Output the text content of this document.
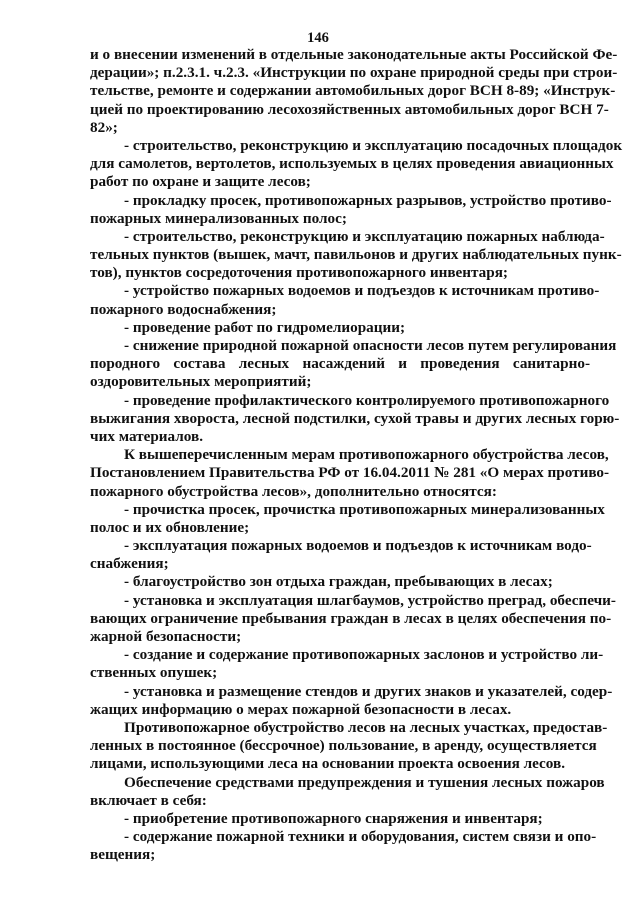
146
и о внесении изменений в отдельные законодательные акты Российской Фе-
дерации»; п.2.3.1. ч.2.3. «Инструкции по охране природной среды при строи-
тельстве, ремонте и содержании автомобильных дорог ВСН 8-89; «Инструк-
цией по проектированию лесохозяйственных автомобильных дорог ВСН 7-
82»;
- строительство, реконструкцию и эксплуатацию посадочных площадок
для самолетов, вертолетов, используемых в целях проведения авиационных
работ по охране и защите лесов;
- прокладку просек, противопожарных разрывов, устройство противо-
пожарных минерализованных полос;
- строительство, реконструкцию и эксплуатацию пожарных наблюда-
тельных пунктов (вышек, мачт, павильонов и других наблюдательных пунк-
тов), пунктов сосредоточения противопожарного инвентаря;
- устройство пожарных водоемов и подъездов к источникам противо-
пожарного водоснабжения;
- проведение работ по гидромелиорации;
- снижение природной пожарной опасности лесов путем регулирования
породного состава лесных насаждений и проведения санитарно-
оздоровительных мероприятий;
- проведение профилактического контролируемого противопожарного
выжигания хвороста, лесной подстилки, сухой травы и других лесных горю-
чих материалов.
К вышеперечисленным мерам противопожарного обустройства лесов,
Постановлением Правительства РФ от 16.04.2011 № 281 «О мерах противо-
пожарного обустройства лесов», дополнительно относятся:
- прочистка просек, прочистка противопожарных минерализованных
полос и их обновление;
- эксплуатация пожарных водоемов и подъездов к источникам водо-
снабжения;
- благоустройство зон отдыха граждан, пребывающих в лесах;
- установка и эксплуатация шлагбаумов, устройство преград, обеспечи-
вающих ограничение пребывания граждан в лесах в целях обеспечения по-
жарной безопасности;
- создание и содержание противопожарных заслонов и устройство ли-
ственных опушек;
- установка и размещение стендов и других знаков и указателей, содер-
жащих информацию о мерах пожарной безопасности в лесах.
Противопожарное обустройство лесов на лесных участках, предостав-
ленных в постоянное (бессрочное) пользование, в аренду, осуществляется
лицами, использующими леса на основании проекта освоения лесов.
Обеспечение средствами предупреждения и тушения лесных пожаров
включает в себя:
- приобретение противопожарного снаряжения и инвентаря;
- содержание пожарной техники и оборудования, систем связи и опо-
вещения;
